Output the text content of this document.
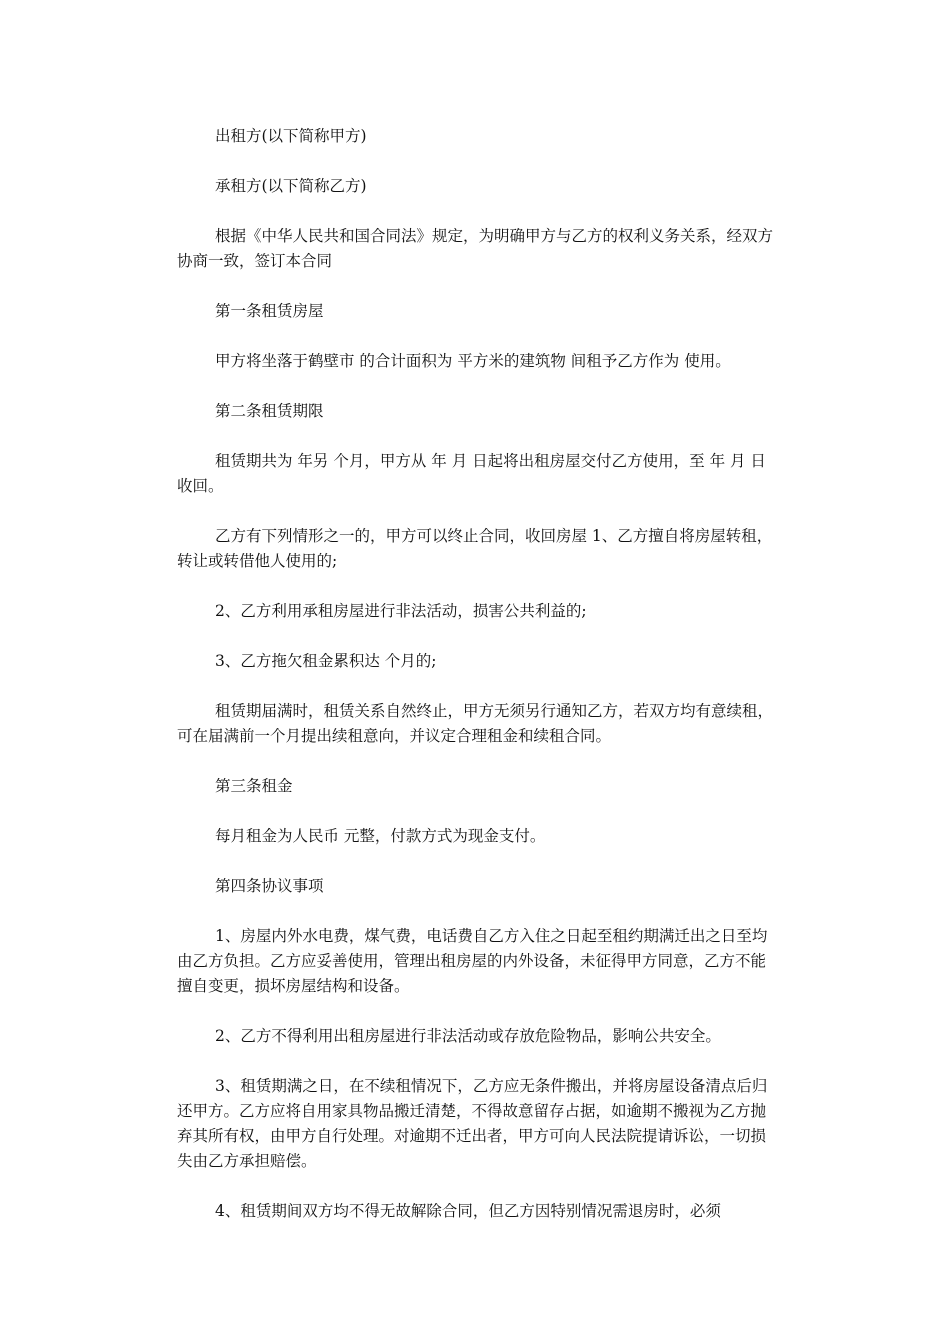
出租方(以下简称甲方)

承租方(以下简称乙方)

根据《中华人民共和国合同法》规定，为明确甲方与乙方的权利义务关系，经双方协商一致，签订本合同

第一条租赁房屋

甲方将坐落于鹤壁市 的合计面积为 平方米的建筑物 间租予乙方作为 使用。

第二条租赁期限

租赁期共为 年另 个月，甲方从 年 月 日起将出租房屋交付乙方使用，至 年 月 日收回。

乙方有下列情形之一的，甲方可以终止合同，收回房屋 1、乙方擅自将房屋转租，转让或转借他人使用的;

2、乙方利用承租房屋进行非法活动，损害公共利益的;

3、乙方拖欠租金累积达 个月的;

租赁期届满时，租赁关系自然终止，甲方无须另行通知乙方，若双方均有意续租，可在届满前一个月提出续租意向，并议定合理租金和续租合同。

第三条租金

每月租金为人民币 元整，付款方式为现金支付。

第四条协议事项

1、房屋内外水电费，煤气费，电话费自乙方入住之日起至租约期满迁出之日至均由乙方负担。乙方应妥善使用，管理出租房屋的内外设备，未征得甲方同意，乙方不能擅自变更，损坏房屋结构和设备。

2、乙方不得利用出租房屋进行非法活动或存放危险物品，影响公共安全。

3、租赁期满之日，在不续租情况下，乙方应无条件搬出，并将房屋设备清点后归还甲方。乙方应将自用家具物品搬迁清楚，不得故意留存占据，如逾期不搬视为乙方抛弃其所有权，由甲方自行处理。对逾期不迁出者，甲方可向人民法院提请诉讼，一切损失由乙方承担赔偿。

4、租赁期间双方均不得无故解除合同，但乙方因特别情况需退房时，必须
